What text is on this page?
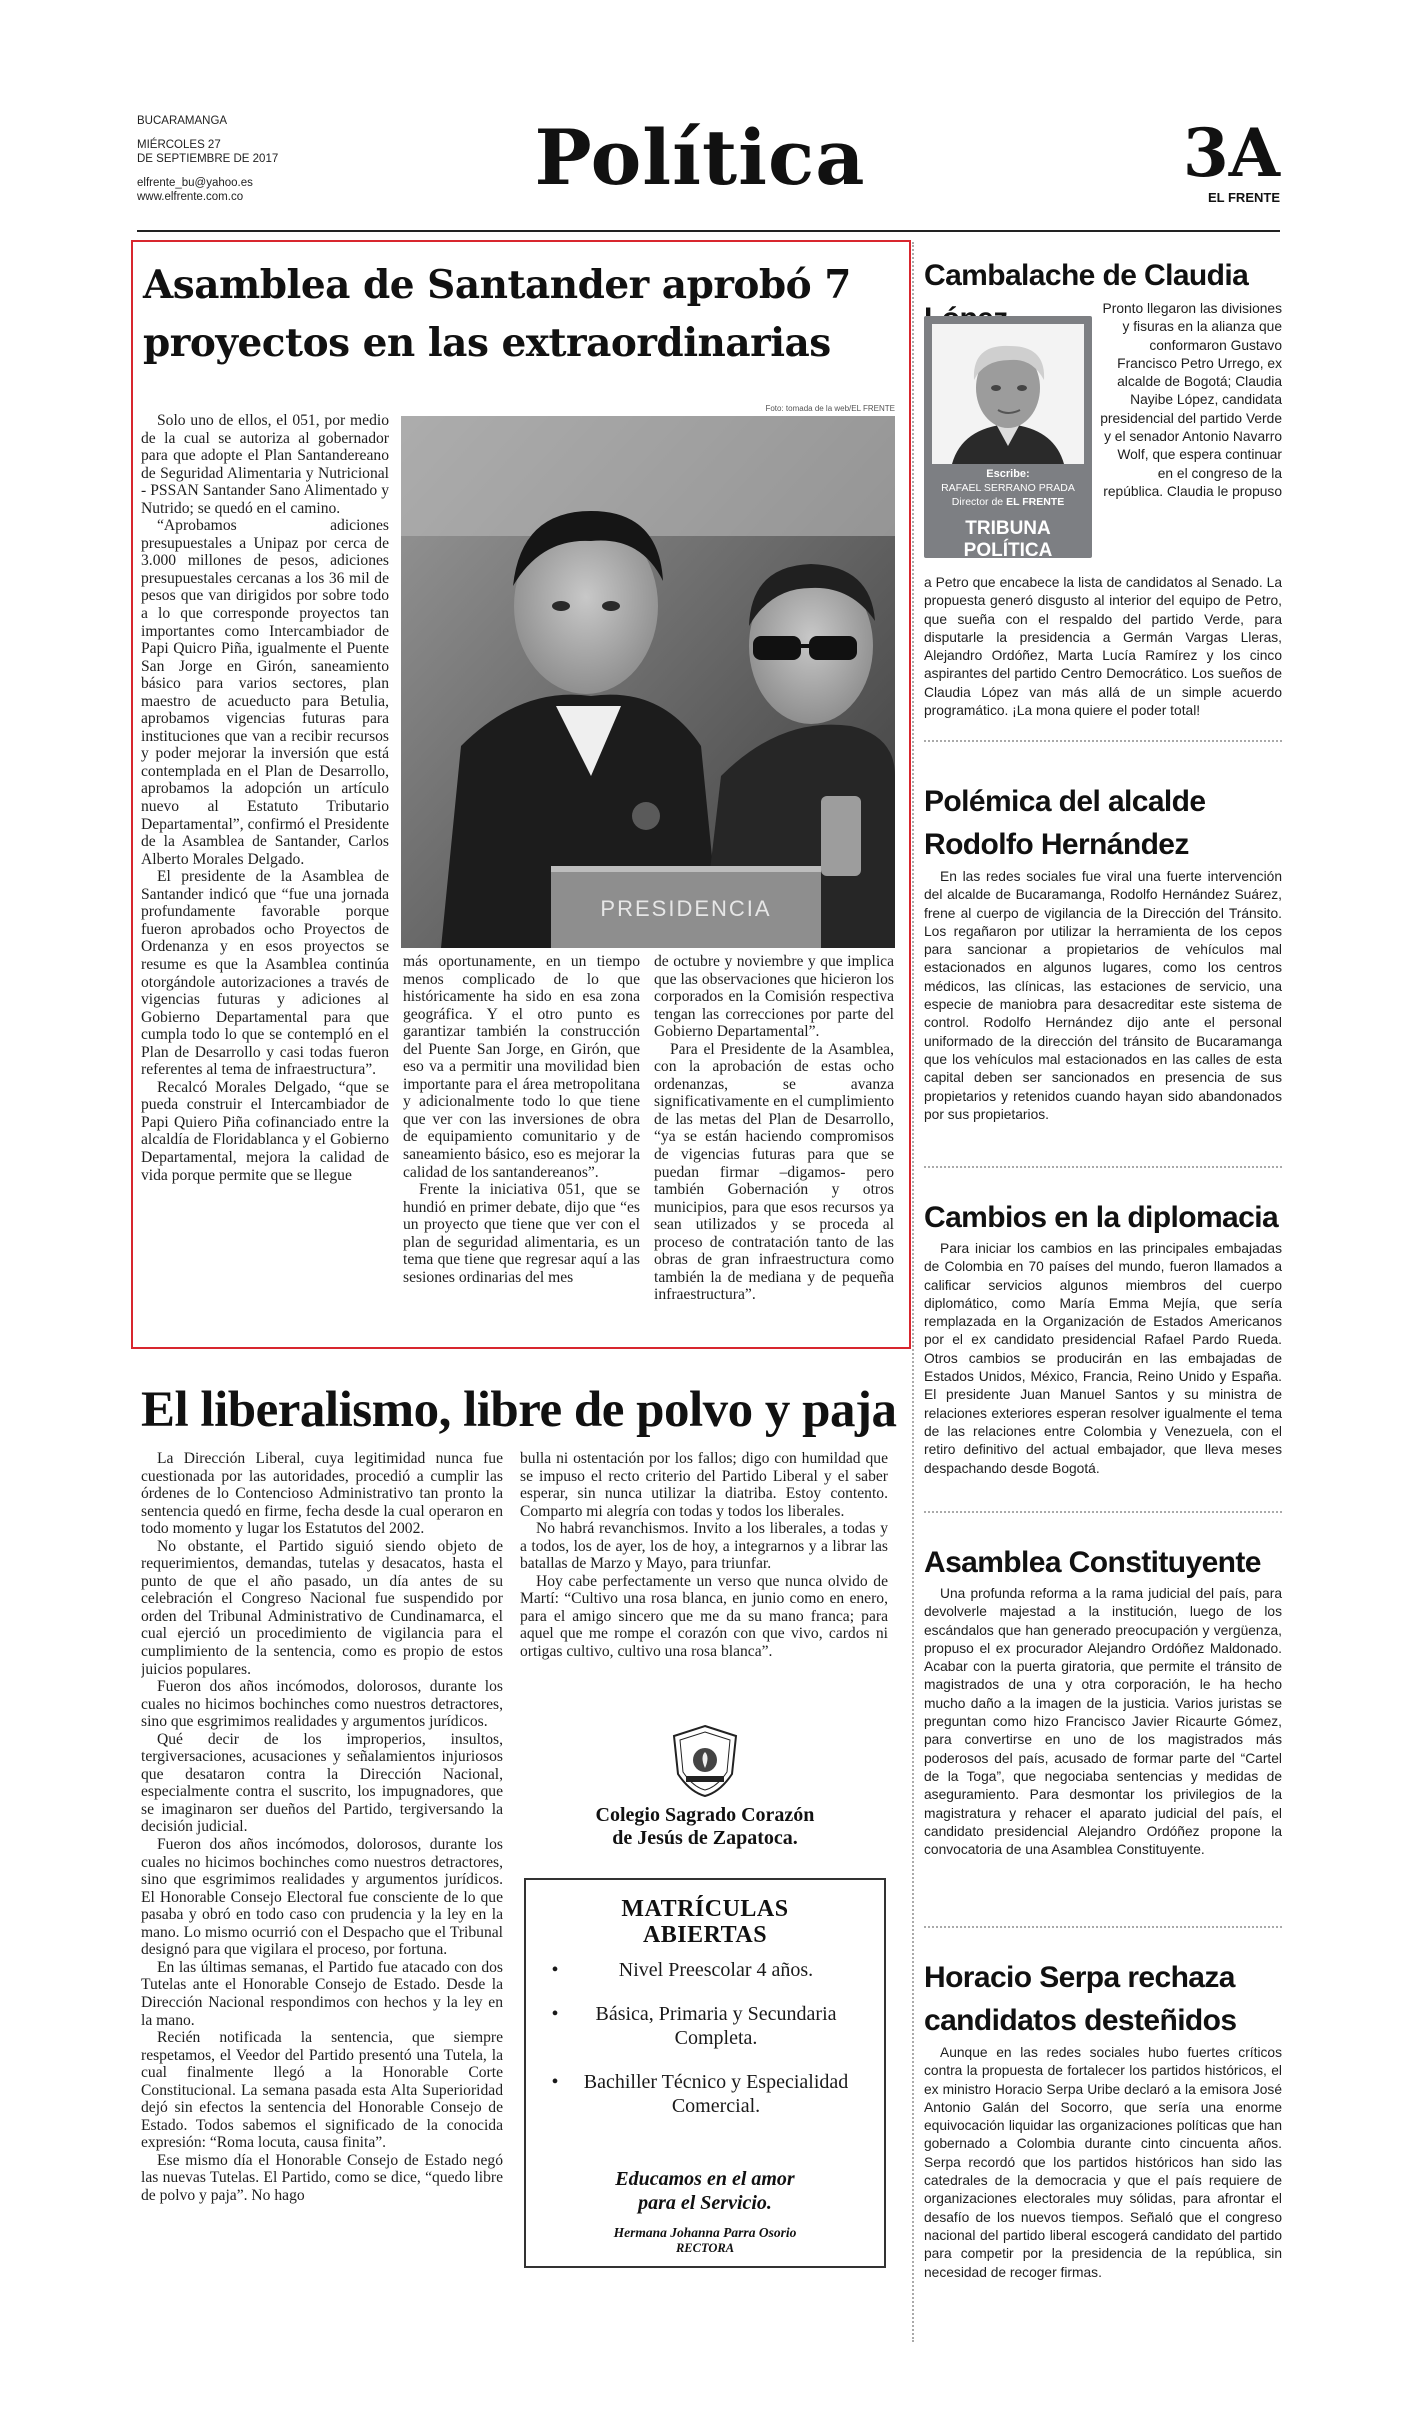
BUCARAMANGA
MIÉRCOLES 27
DE SEPTIEMBRE DE 2017
elfrente_bu@yahoo.es
www.elfrente.com.co	Política	3A
EL FRENTE
Asamblea de Santander aprobó 7 proyectos en las extraordinarias
Foto: tomada de la web/EL FRENTE
PRESIDENCIA

Solo uno de ellos, el 051, por medio de la cual se autoriza al gobernador para que adopte el Plan Santandereano de Seguridad Alimentaria y Nutricional - PSSAN Santander Sano Alimentado y Nutrido; se quedó en el camino.

“Aprobamos adiciones presupuestales a Unipaz por cerca de 3.000 millones de pesos, adiciones presupuestales cercanas a los 36 mil de pesos que van dirigidos por sobre todo a lo que corresponde proyectos tan importantes como Intercambiador de Papi Quicro Piña, igualmente el Puente San Jorge en Girón, saneamiento básico para varios sectores, plan maestro de acueducto para Betulia, aprobamos vigencias futuras para instituciones que van a recibir recursos y poder mejorar la inversión que está contemplada en el Plan de Desarrollo, aprobamos la adopción un artículo nuevo al Estatuto Tributario Departamental”, confirmó el Presidente de la Asamblea de Santander, Carlos Alberto Morales Delgado.

El presidente de la Asamblea de Santander indicó que “fue una jornada profundamente favorable porque fueron aprobados ocho Proyectos de Ordenanza y en esos proyectos se resume es que la Asamblea continúa otorgándole autorizaciones a través de vigencias futuras y adiciones al Gobierno Departamental para que cumpla todo lo que se contempló en el Plan de Desarrollo y casi todas fueron referentes al tema de infraestructura”.

Recalcó Morales Delgado, “que se pueda construir el Intercambiador de Papi Quiero Piña cofinanciado entre la alcaldía de Floridablanca y el Gobierno Departamental, mejora la calidad de vida porque permite que se llegue

más oportunamente, en un tiempo menos complicado de lo que históricamente ha sido en esa zona geográfica. Y el otro punto es garantizar también la construcción del Puente San Jorge, en Girón, que eso va a permitir una movilidad bien importante para el área metropolitana y adicionalmente todo lo que tiene que ver con las inversiones de obra de equipamiento comunitario y de saneamiento básico, eso es mejorar la calidad de los santandereanos”.

Frente la iniciativa 051, que se hundió en primer debate, dijo que “es un proyecto que tiene que ver con el plan de seguridad alimentaria, es un tema que tiene que regresar aquí a las sesiones ordinarias del mes

de octubre y noviembre y que implica que las observaciones que hicieron los corporados en la Comisión respectiva tengan las correcciones por parte del Gobierno Departamental”.

Para el Presidente de la Asamblea, con la aprobación de estas ocho ordenanzas, se avanza significativamente en el cumplimiento de las metas del Plan de Desarrollo, “ya se están haciendo compromisos de vigencias futuras para que se puedan firmar –digamos- pero también Gobernación y otros municipios, para que esos recursos ya sean utilizados y se proceda al proceso de contratación tanto de las obras de gran infraestructura como también la de mediana y de pequeña infraestructura”.

El liberalismo, libre de polvo y paja

La Dirección Liberal, cuya legitimidad nunca fue cuestionada por las autoridades, procedió a cumplir las órdenes de lo Contencioso Administrativo tan pronto la sentencia quedó en firme, fecha desde la cual operaron en todo momento y lugar los Estatutos del 2002.

No obstante, el Partido siguió siendo objeto de requerimientos, demandas, tutelas y desacatos, hasta el punto de que el año pasado, un día antes de su celebración el Congreso Nacional fue suspendido por orden del Tribunal Administrativo de Cundinamarca, el cual ejerció un procedimiento de vigilancia para el cumplimiento de la sentencia, como es propio de estos juicios populares.

Fueron dos años incómodos, dolorosos, durante los cuales no hicimos bochinches como nuestros detractores, sino que esgrimimos realidades y argumentos jurídicos.

Qué decir de los improperios, insultos, tergiversaciones, acusaciones y señalamientos injuriosos que desataron contra la Dirección Nacional, especialmente contra el suscrito, los impugnadores, que se imaginaron ser dueños del Partido, tergiversando la decisión judicial.

Fueron dos años incómodos, dolorosos, durante los cuales no hicimos bochinches como nuestros detractores, sino que esgrimimos realidades y argumentos jurídicos. El Honorable Consejo Electoral fue consciente de lo que pasaba y obró en todo caso con prudencia y la ley en la mano. Lo mismo ocurrió con el Despacho que el Tribunal designó para que vigilara el proceso, por fortuna.

En las últimas semanas, el Partido fue atacado con dos Tutelas ante el Honorable Consejo de Estado. Desde la Dirección Nacional respondimos con hechos y la ley en la mano.

Recién notificada la sentencia, que siempre respetamos, el Veedor del Partido presentó una Tutela, la cual finalmente llegó a la Honorable Corte Constitucional. La semana pasada esta Alta Superioridad dejó sin efectos la sentencia del Honorable Consejo de Estado. Todos sabemos el significado de la conocida expresión: “Roma locuta, causa finita”.

Ese mismo día el Honorable Consejo de Estado negó las nuevas Tutelas. El Partido, como se dice, “quedo libre de polvo y paja”. No hago

bulla ni ostentación por los fallos; digo con humildad que se impuso el recto criterio del Partido Liberal y el saber esperar, sin nunca utilizar la diatriba. Estoy contento. Comparto mi alegría con todas y todos los liberales.

No habrá revanchismos. Invito a los liberales, a todas y a todos, los de ayer, los de hoy, a integrarnos y a librar las batallas de Marzo y Mayo, para triunfar.

Hoy cabe perfectamente un verso que nunca olvido de Martí: “Cultivo una rosa blanca, en junio como en enero, para el amigo sincero que me da su mano franca; para aquel que me rompe el corazón con que vivo, cardos ni ortigas cultivo, cultivo una rosa blanca”.

Colegio Sagrado Corazón
de Jesús de Zapatoca.
MATRÍCULAS
ABIERTAS
•	Nivel Preescolar 4 años.
•	Básica, Primaria y Secundaria Completa.
•	Bachiller Técnico y Especialidad Comercial.
Educamos en el amor
para el Servicio.
Hermana Johanna Parra Osorio
RECTORA
Cambalache de Claudia
Escribe:
RAFAEL SERRANO PRADA
Director de EL FRENTE
TRIBUNA POLÍTICA

Pronto llegaron las divisiones y fisuras en la alianza que conformaron Gustavo Francisco Petro Urrego, ex alcalde de Bogotá; Claudia Nayibe López, candidata presidencial del partido Verde y el senador Antonio Navarro Wolf, que espera continuar en el congreso de la república. Claudia le propuso

a Petro que encabece la lista de candidatos al Senado. La propuesta generó disgusto al interior del equipo de Petro, que sueña con el respaldo del partido Verde, para disputarle la presidencia a Germán Vargas Lleras, Alejandro Ordóñez, Marta Lucía Ramírez y los cinco aspirantes del partido Centro Democrático. Los sueños de Claudia López van más allá de un simple acuerdo programático. ¡La mona quiere el poder total!

Polémica del alcalde
Rodolfo Hernández

En las redes sociales fue viral una fuerte intervención del alcalde de Bucaramanga, Rodolfo Hernández Suárez, frene al cuerpo de vigilancia de la Dirección del Tránsito. Los regañaron por utilizar la herramienta de los cepos para sancionar a propietarios de vehículos mal estacionados en algunos lugares, como los centros médicos, las clínicas, las estaciones de servicio, una especie de maniobra para desacreditar este sistema de control. Rodolfo Hernández dijo ante el personal uniformado de la dirección del tránsito de Bucaramanga que los vehículos mal estacionados en las calles de esta capital deben ser sancionados en presencia de sus propietarios y retenidos cuando hayan sido abandonados por sus propietarios.

Cambios en la diplomacia

Para iniciar los cambios en las principales embajadas de Colombia en 70 países del mundo, fueron llamados a calificar servicios algunos miembros del cuerpo diplomático, como María Emma Mejía, que sería remplazada en la Organización de Estados Americanos por el ex candidato presidencial Rafael Pardo Rueda. Otros cambios se producirán en las embajadas de Estados Unidos, México, Francia, Reino Unido y España. El presidente Juan Manuel Santos y su ministra de relaciones exteriores esperan resolver igualmente el tema de las relaciones entre Colombia y Venezuela, con el retiro definitivo del actual embajador, que lleva meses despachando desde Bogotá.

Asamblea Constituyente

Una profunda reforma a la rama judicial del país, para devolverle majestad a la institución, luego de los escándalos que han generado preocupación y vergüenza, propuso el ex procurador Alejandro Ordóñez Maldonado. Acabar con la puerta giratoria, que permite el tránsito de magistrados de una y otra corporación, le ha hecho mucho daño a la imagen de la justicia. Varios juristas se preguntan como hizo Francisco Javier Ricaurte Gómez, para convertirse en uno de los magistrados más poderosos del país, acusado de formar parte del “Cartel de la Toga”, que negociaba sentencias y medidas de aseguramiento. Para desmontar los privilegios de la magistratura y rehacer el aparato judicial del país, el candidato presidencial Alejandro Ordóñez propone la convocatoria de una Asamblea Constituyente.

Horacio Serpa rechaza
candidatos desteñidos

Aunque en las redes sociales hubo fuertes críticos contra la propuesta de fortalecer los partidos históricos, el ex ministro Horacio Serpa Uribe declaró a la emisora José Antonio Galán del Socorro, que sería una enorme equivocación liquidar las organizaciones políticas que han gobernado a Colombia durante cinto cincuenta años. Serpa recordó que los partidos históricos han sido las catedrales de la democracia y que el país requiere de organizaciones electorales muy sólidas, para afrontar el desafío de los nuevos tiempos. Señaló que el congreso nacional del partido liberal escogerá candidato del partido para competir por la presidencia de la república, sin necesidad de recoger firmas.
